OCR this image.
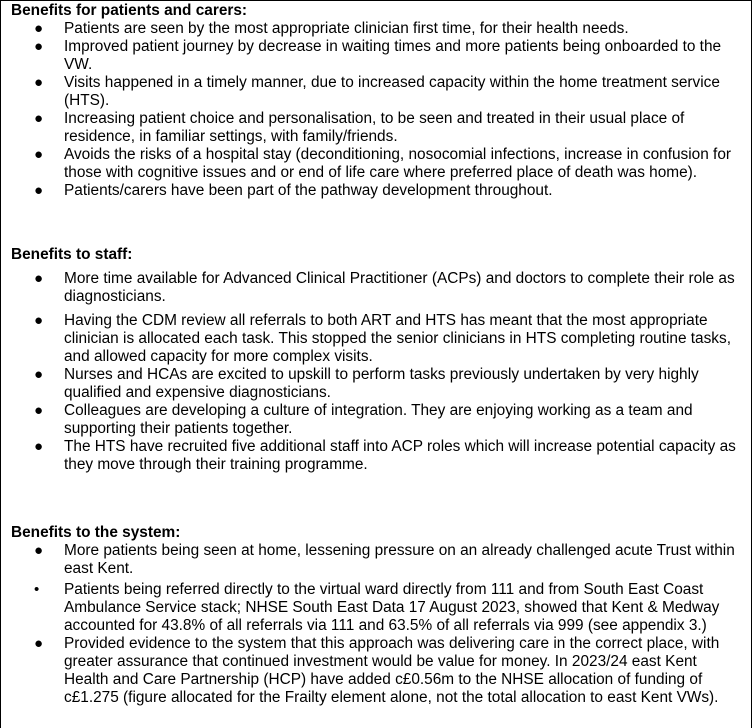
Benefits for patients and carers:
● Patients are seen by the most appropriate clinician first time, for their health needs.
● Improved patient journey by decrease in waiting times and more patients being onboarded to the VW.
● Visits happened in a timely manner, due to increased capacity within the home treatment service (HTS).
● Increasing patient choice and personalisation, to be seen and treated in their usual place of residence, in familiar settings, with family/friends.
● Avoids the risks of a hospital stay (deconditioning, nosocomial infections, increase in confusion for those with cognitive issues and or end of life care where preferred place of death was home).
● Patients/carers have been part of the pathway development throughout.
Benefits to staff:
● More time available for Advanced Clinical Practitioner (ACPs) and doctors to complete their role as diagnosticians.
● Having the CDM review all referrals to both ART and HTS has meant that the most appropriate clinician is allocated each task. This stopped the senior clinicians in HTS completing routine tasks, and allowed capacity for more complex visits.
● Nurses and HCAs are excited to upskill to perform tasks previously undertaken by very highly qualified and expensive diagnosticians.
● Colleagues are developing a culture of integration. They are enjoying working as a team and supporting their patients together.
● The HTS have recruited five additional staff into ACP roles which will increase potential capacity as they move through their training programme.
Benefits to the system:
● More patients being seen at home, lessening pressure on an already challenged acute Trust within east Kent.
• Patients being referred directly to the virtual ward directly from 111 and from South East Coast Ambulance Service stack; NHSE South East Data 17 August 2023, showed that Kent & Medway accounted for 43.8% of all referrals via 111 and 63.5% of all referrals via 999 (see appendix 3.)
● Provided evidence to the system that this approach was delivering care in the correct place, with greater assurance that continued investment would be value for money. In 2023/24 east Kent Health and Care Partnership (HCP) have added c£0.56m to the NHSE allocation of funding of c£1.275 (figure allocated for the Frailty element alone, not the total allocation to east Kent VWs).
